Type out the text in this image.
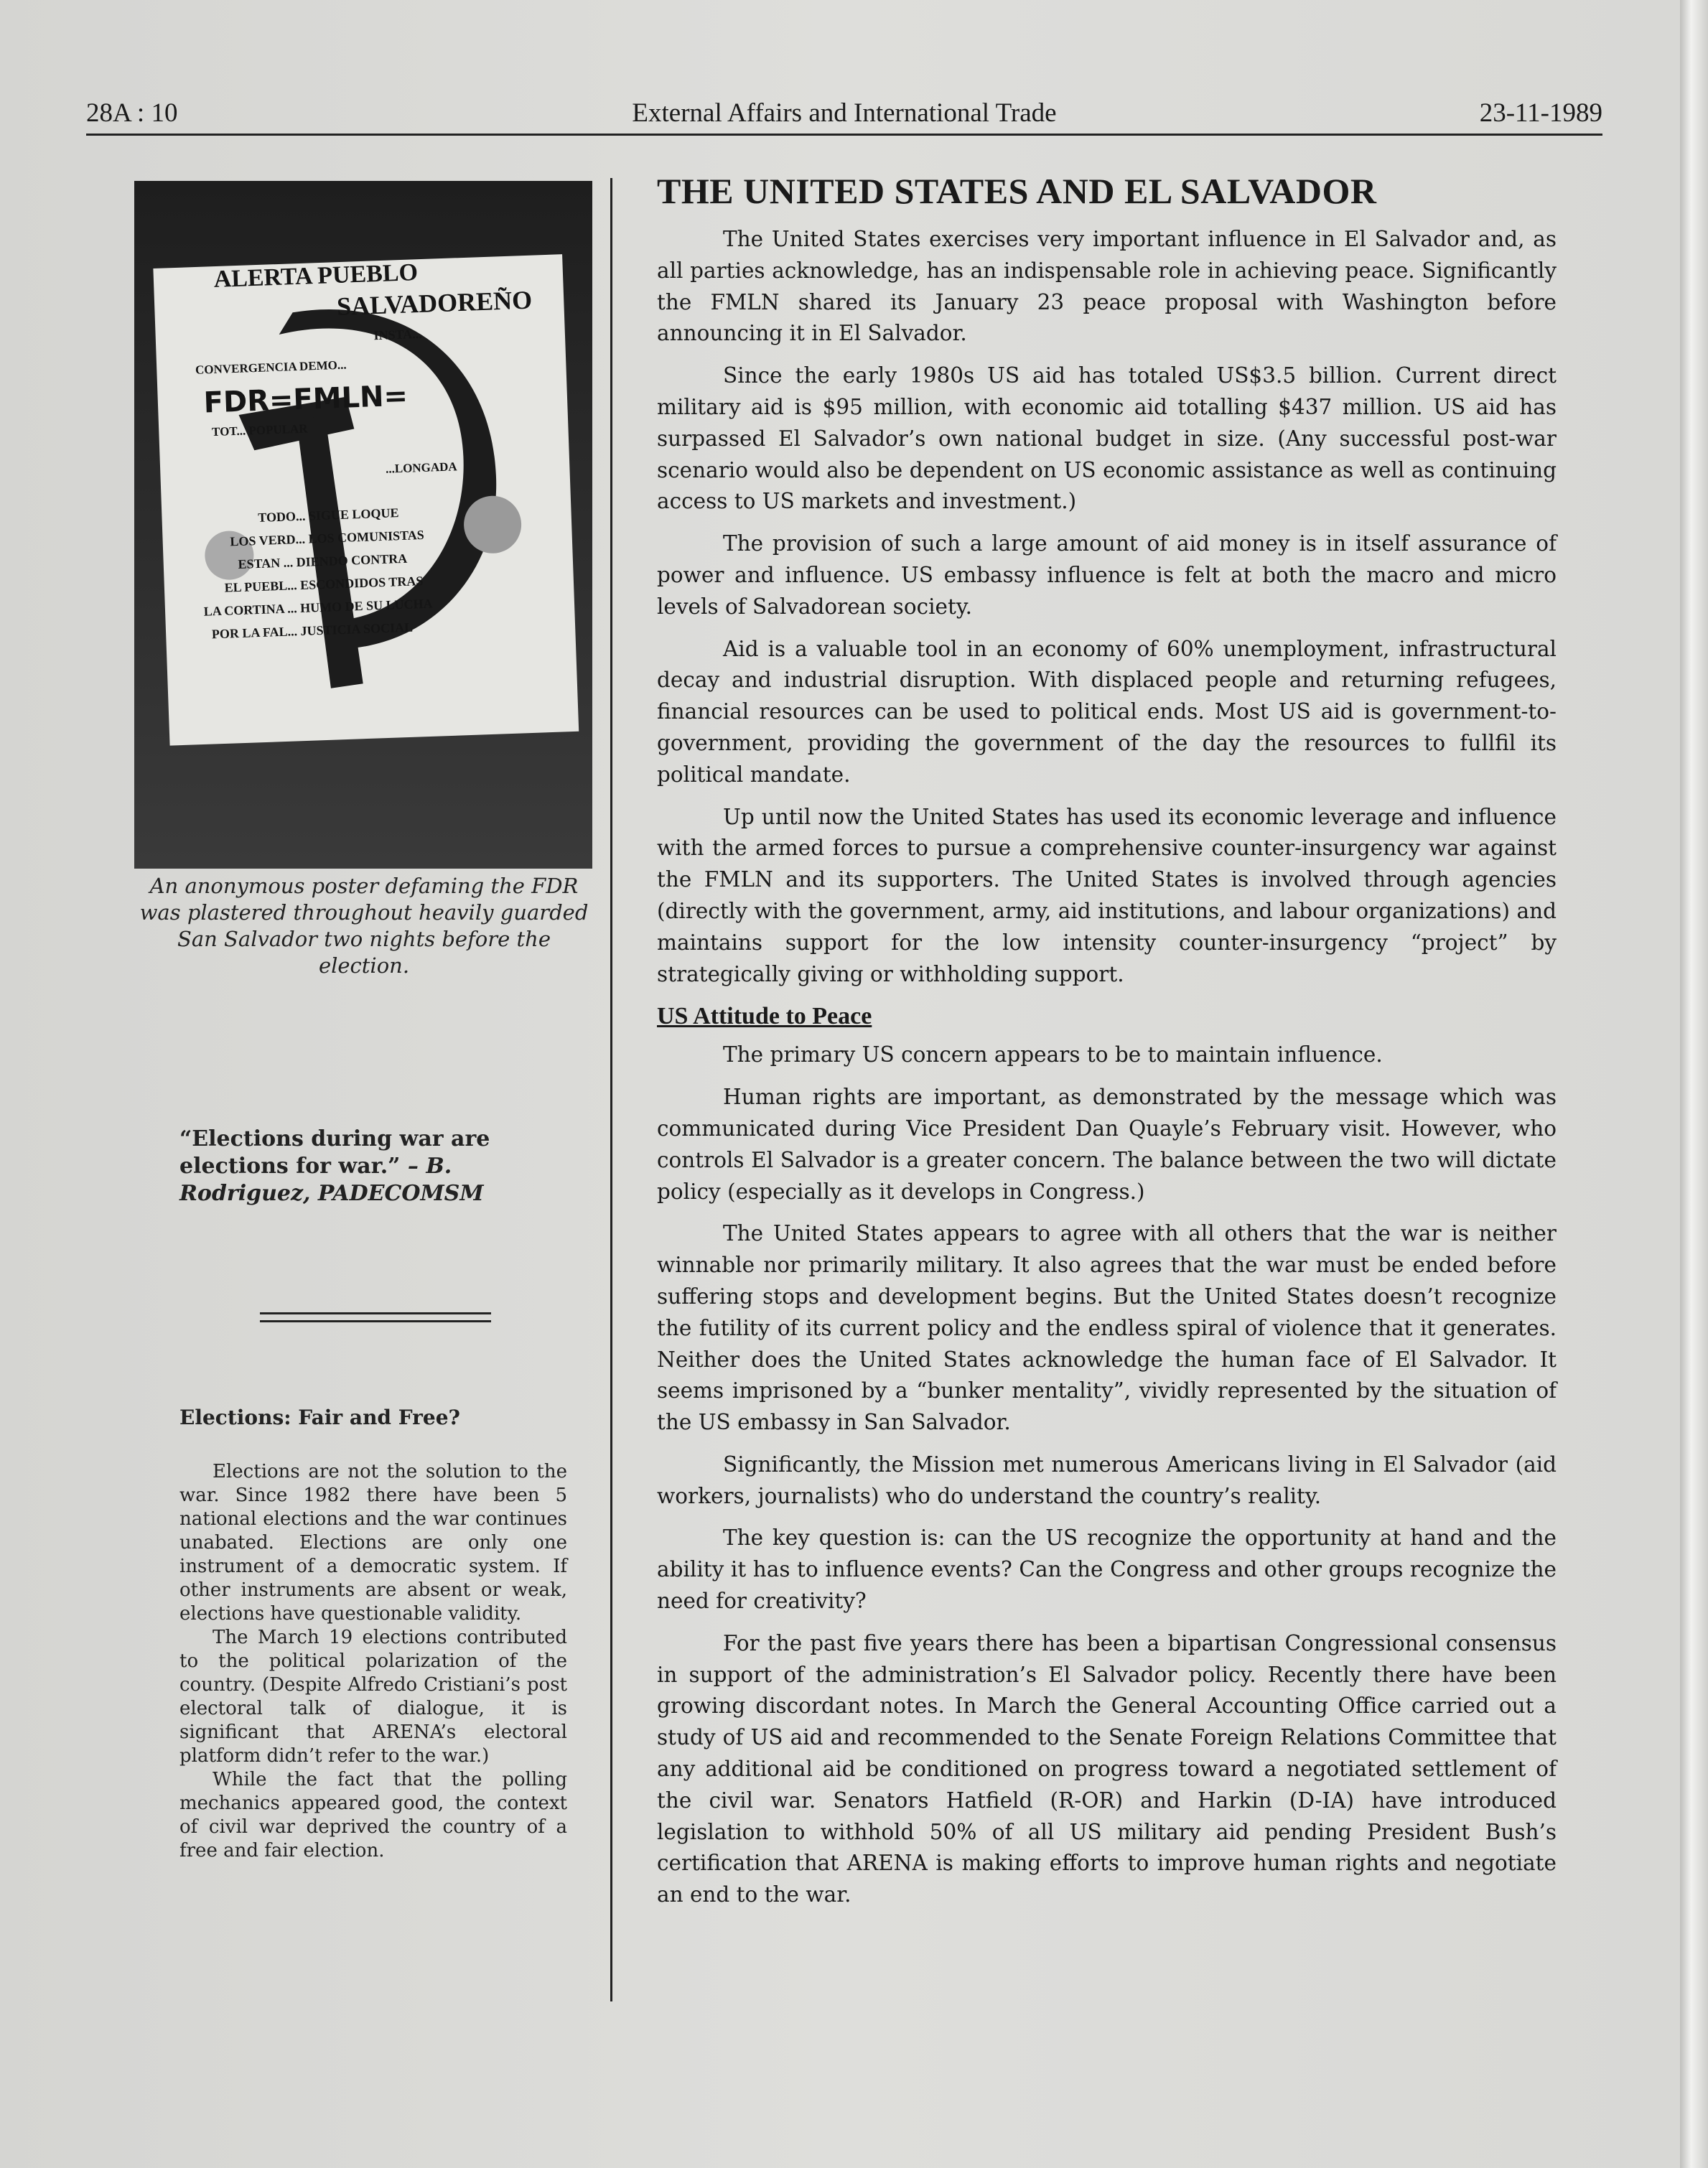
28A : 10	External Affairs and International Trade	23-11-1989
ALERTA PUEBLO
SALVADOREÑO
INSTA...
CONVERGENCIA DEMO...
FDR=FMLN=
TOT... POPULAR
...LONGADA
TODO... SIGUE LOQUE
LOS VERD... LOS COMUNISTAS
ESTAN ... DIENDO CONTRA
EL PUEBL... ESCONDIDOS TRAS
LA CORTINA ... HUMO DE SU LUCHA
POR LA FAL... JUSTICIA SOCIAL
An anonymous poster defaming the FDR was plastered throughout heavily guarded San Salvador two nights before the election.
“Elections during war are elections for war.” – B. Rodriguez, PADECOMSM
Elections: Fair and Free?

Elections are not the solution to the war. Since 1982 there have been 5 national elections and the war continues unabated. Elections are only one instrument of a democratic system. If other instruments are absent or weak, elections have questionable validity.

The March 19 elections contributed to the political polarization of the country. (Despite Alfredo Cristiani’s post electoral talk of dialogue, it is significant that ARENA’s electoral platform didn’t refer to the war.)

While the fact that the polling mechanics appeared good, the context of civil war deprived the country of a free and fair election.

THE UNITED STATES AND EL SALVADOR

The United States exercises very important influence in El Salvador and, as all parties acknowledge, has an indispensable role in achieving peace. Significantly the FMLN shared its January 23 peace proposal with Washington before announcing it in El Salvador.

Since the early 1980s US aid has totaled US$3.5 billion. Current direct military aid is $95 million, with economic aid totalling $437 million. US aid has surpassed El Salvador’s own national budget in size. (Any successful post-war scenario would also be dependent on US economic assistance as well as continuing access to US markets and investment.)

The provision of such a large amount of aid money is in itself assurance of power and influence. US embassy influence is felt at both the macro and micro levels of Salvadorean society.

Aid is a valuable tool in an economy of 60% unemployment, infrastructural decay and industrial disruption. With displaced people and returning refugees, financial resources can be used to political ends. Most US aid is government-to-government, providing the government of the day the resources to fullfil its political mandate.

Up until now the United States has used its economic leverage and influence with the armed forces to pursue a comprehensive counter-insurgency war against the FMLN and its supporters. The United States is involved through agencies (directly with the government, army, aid institutions, and labour organizations) and maintains support for the low intensity counter-insurgency “project” by strategically giving or withholding support.

US Attitude to Peace

The primary US concern appears to be to maintain influence.

Human rights are important, as demonstrated by the message which was communicated during Vice President Dan Quayle’s February visit. However, who controls El Salvador is a greater concern. The balance between the two will dictate policy (especially as it develops in Congress.)

The United States appears to agree with all others that the war is neither winnable nor primarily military. It also agrees that the war must be ended before suffering stops and development begins. But the United States doesn’t recognize the futility of its current policy and the endless spiral of violence that it generates. Neither does the United States acknowledge the human face of El Salvador. It seems imprisoned by a “bunker mentality”, vividly represented by the situation of the US embassy in San Salvador.

Significantly, the Mission met numerous Americans living in El Salvador (aid workers, journalists) who do understand the country’s reality.

The key question is: can the US recognize the opportunity at hand and the ability it has to influence events? Can the Congress and other groups recognize the need for creativity?

For the past five years there has been a bipartisan Congressional consensus in support of the administration’s El Salvador policy. Recently there have been growing discordant notes. In March the General Accounting Office carried out a study of US aid and recommended to the Senate Foreign Relations Committee that any additional aid be conditioned on progress toward a negotiated settlement of the civil war. Senators Hatfield (R-OR) and Harkin (D-IA) have introduced legislation to withhold 50% of all US military aid pending President Bush’s certification that ARENA is making efforts to improve human rights and negotiate an end to the war.
